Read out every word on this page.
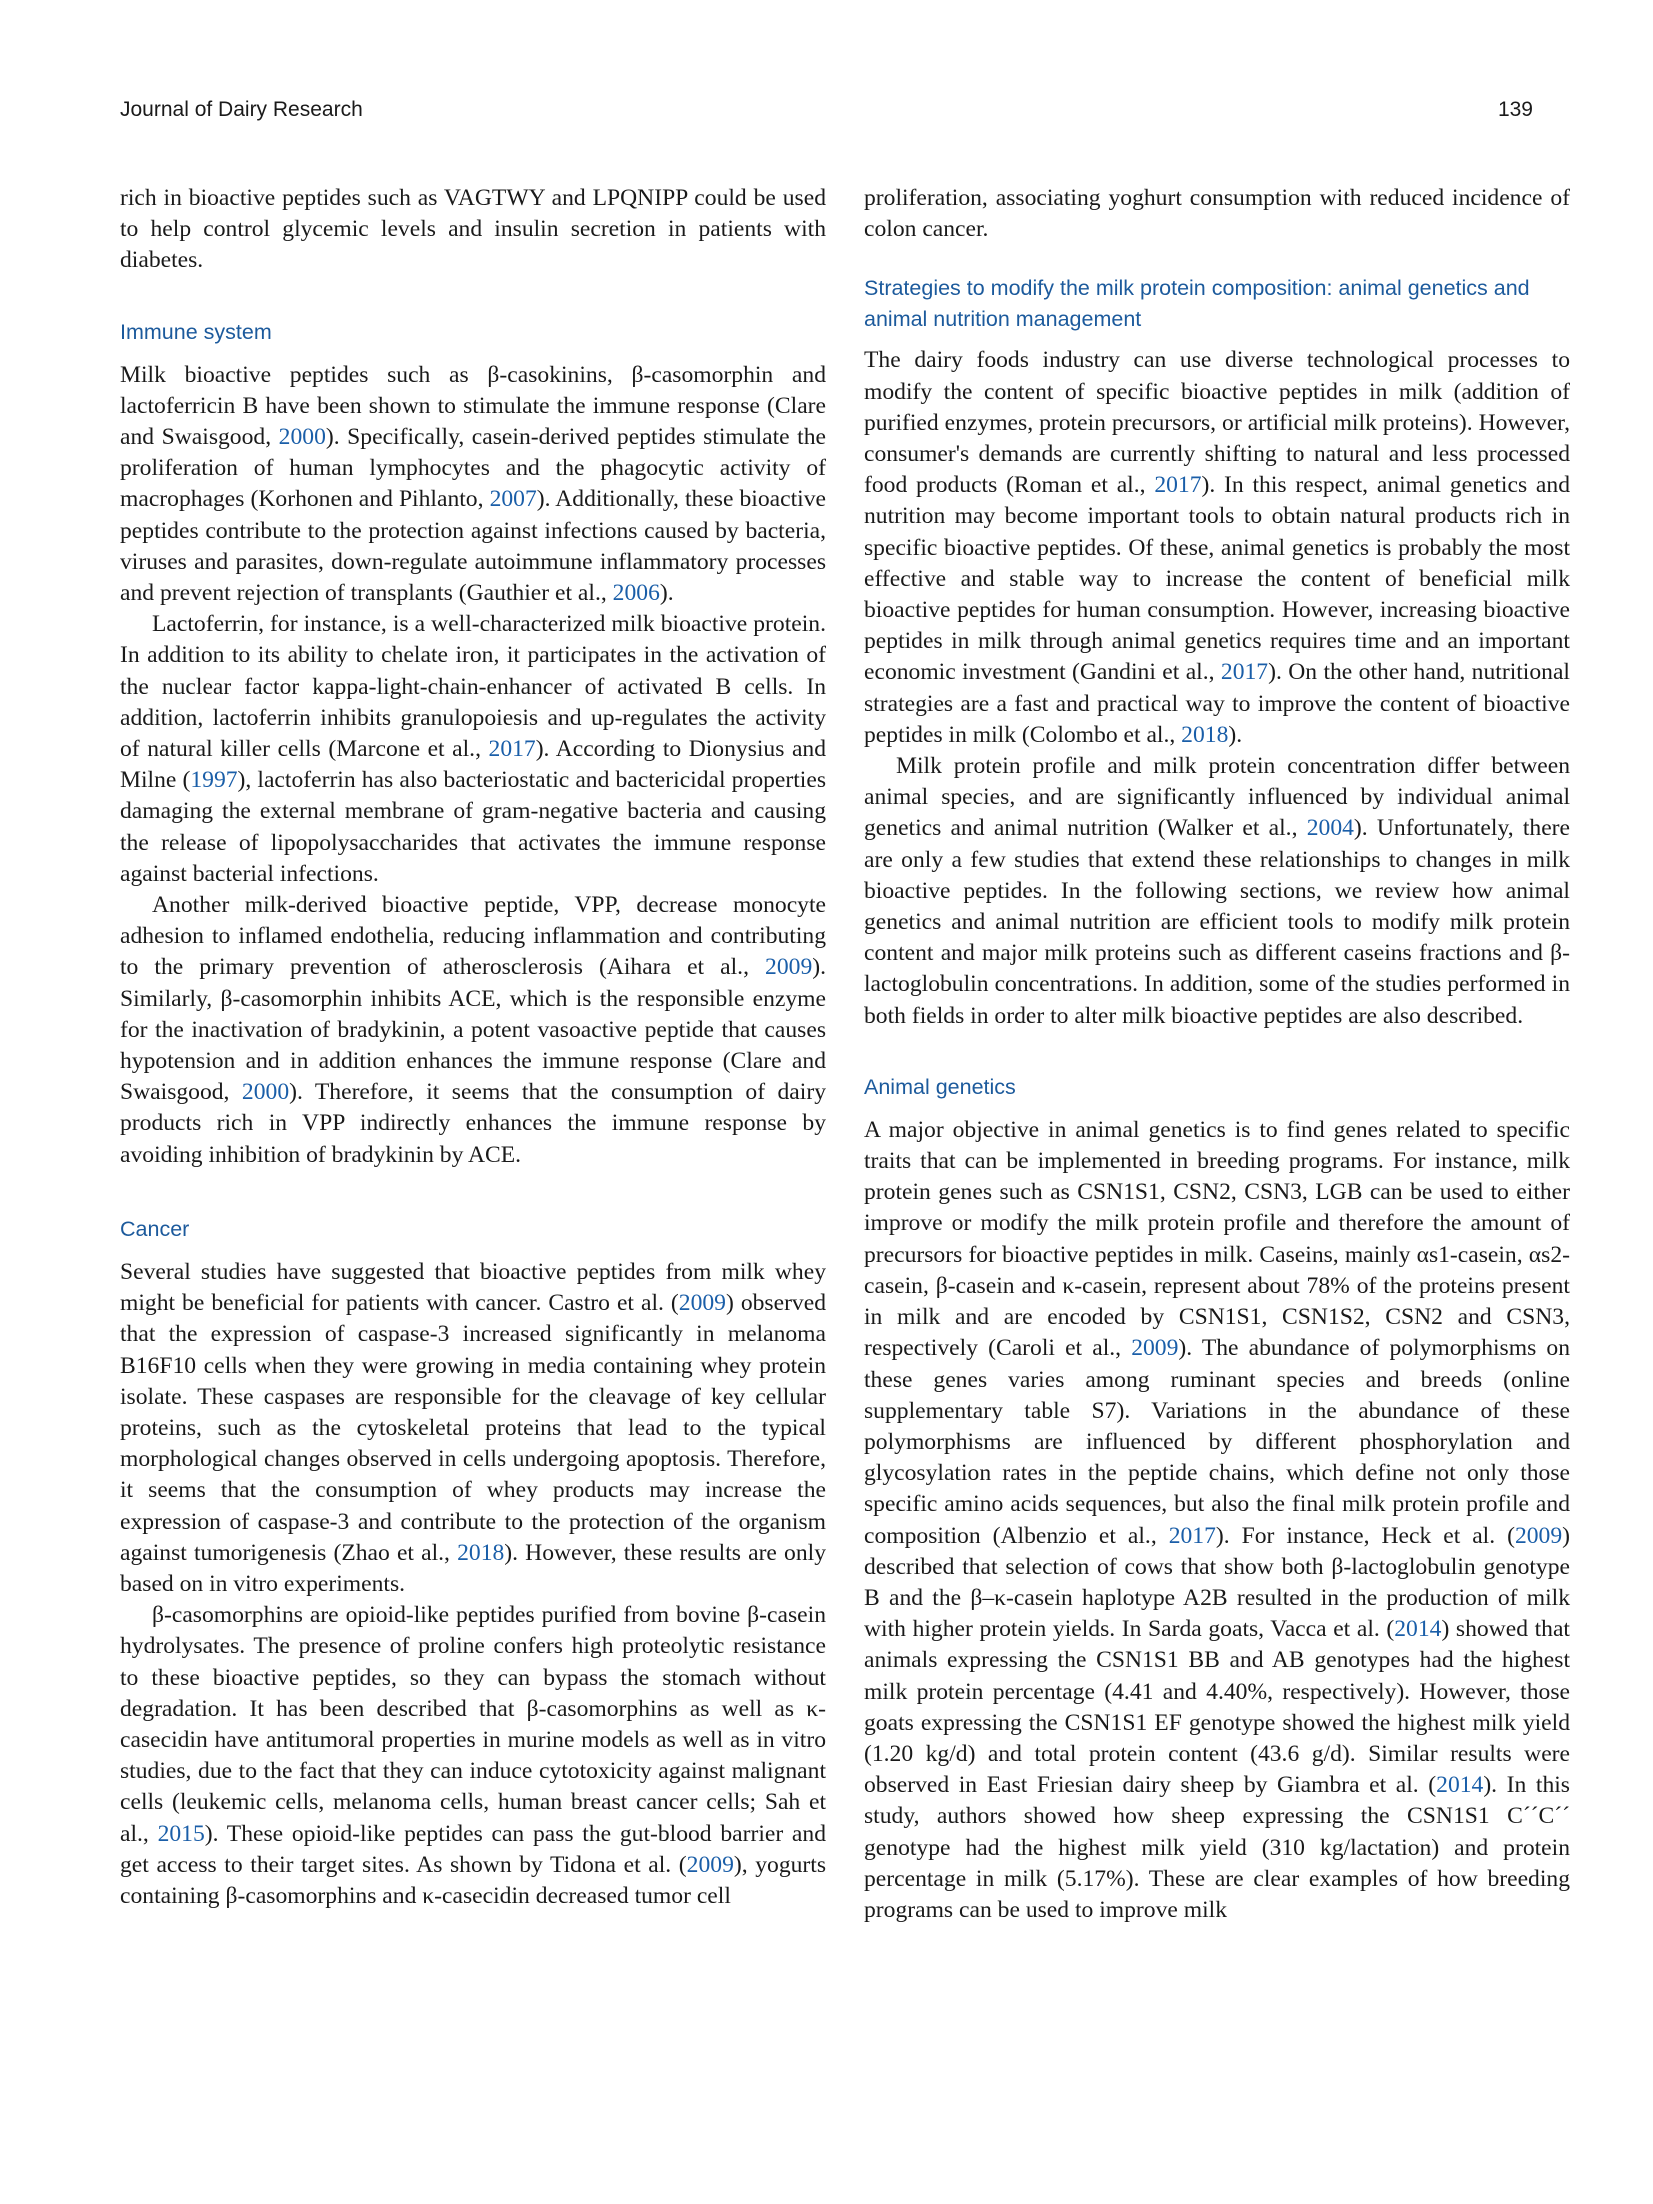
Journal of Dairy Research	139

rich in bioactive peptides such as VAGTWY and LPQNIPP could be used to help control glycemic levels and insulin secretion in patients with diabetes.

Immune system

Milk bioactive peptides such as β-casokinins, β-casomorphin and lactoferricin B have been shown to stimulate the immune response (Clare and Swaisgood, 2000). Specifically, casein-derived peptides stimulate the proliferation of human lymphocytes and the phagocytic activity of macrophages (Korhonen and Pihlanto, 2007). Additionally, these bioactive peptides contribute to the protection against infections caused by bacteria, viruses and parasites, down-regulate autoimmune inflammatory processes and prevent rejection of transplants (Gauthier et al., 2006).

Lactoferrin, for instance, is a well-characterized milk bioactive protein. In addition to its ability to chelate iron, it participates in the activation of the nuclear factor kappa-light-chain-enhancer of activated B cells. In addition, lactoferrin inhibits granulopoiesis and up-regulates the activity of natural killer cells (Marcone et al., 2017). According to Dionysius and Milne (1997), lactoferrin has also bacteriostatic and bactericidal properties damaging the external membrane of gram-negative bacteria and causing the release of lipopolysaccharides that activates the immune response against bacterial infections.

Another milk-derived bioactive peptide, VPP, decrease monocyte adhesion to inflamed endothelia, reducing inflammation and contributing to the primary prevention of atherosclerosis (Aihara et al., 2009). Similarly, β-casomorphin inhibits ACE, which is the responsible enzyme for the inactivation of bradykinin, a potent vasoactive peptide that causes hypotension and in addition enhances the immune response (Clare and Swaisgood, 2000). Therefore, it seems that the consumption of dairy products rich in VPP indirectly enhances the immune response by avoiding inhibition of bradykinin by ACE.

Cancer

Several studies have suggested that bioactive peptides from milk whey might be beneficial for patients with cancer. Castro et al. (2009) observed that the expression of caspase-3 increased significantly in melanoma B16F10 cells when they were growing in media containing whey protein isolate. These caspases are responsible for the cleavage of key cellular proteins, such as the cytoskeletal proteins that lead to the typical morphological changes observed in cells undergoing apoptosis. Therefore, it seems that the consumption of whey products may increase the expression of caspase-3 and contribute to the protection of the organism against tumorigenesis (Zhao et al., 2018). However, these results are only based on in vitro experiments.

β-casomorphins are opioid-like peptides purified from bovine β-casein hydrolysates. The presence of proline confers high proteolytic resistance to these bioactive peptides, so they can bypass the stomach without degradation. It has been described that β-casomorphins as well as κ-casecidin have antitumoral properties in murine models as well as in vitro studies, due to the fact that they can induce cytotoxicity against malignant cells (leukemic cells, melanoma cells, human breast cancer cells; Sah et al., 2015). These opioid-like peptides can pass the gut-blood barrier and get access to their target sites. As shown by Tidona et al. (2009), yogurts containing β-casomorphins and κ-casecidin decreased tumor cell

proliferation, associating yoghurt consumption with reduced incidence of colon cancer.

Strategies to modify the milk protein composition: animal genetics and animal nutrition management

The dairy foods industry can use diverse technological processes to modify the content of specific bioactive peptides in milk (addition of purified enzymes, protein precursors, or artificial milk proteins). However, consumer's demands are currently shifting to natural and less processed food products (Roman et al., 2017). In this respect, animal genetics and nutrition may become important tools to obtain natural products rich in specific bioactive peptides. Of these, animal genetics is probably the most effective and stable way to increase the content of beneficial milk bioactive peptides for human consumption. However, increasing bioactive peptides in milk through animal genetics requires time and an important economic investment (Gandini et al., 2017). On the other hand, nutritional strategies are a fast and practical way to improve the content of bioactive peptides in milk (Colombo et al., 2018).

Milk protein profile and milk protein concentration differ between animal species, and are significantly influenced by individual animal genetics and animal nutrition (Walker et al., 2004). Unfortunately, there are only a few studies that extend these relationships to changes in milk bioactive peptides. In the following sections, we review how animal genetics and animal nutrition are efficient tools to modify milk protein content and major milk proteins such as different caseins fractions and β-lactoglobulin concentrations. In addition, some of the studies performed in both fields in order to alter milk bioactive peptides are also described.

Animal genetics

A major objective in animal genetics is to find genes related to specific traits that can be implemented in breeding programs. For instance, milk protein genes such as CSN1S1, CSN2, CSN3, LGB can be used to either improve or modify the milk protein profile and therefore the amount of precursors for bioactive peptides in milk. Caseins, mainly αs1-casein, αs2-casein, β-casein and κ-casein, represent about 78% of the proteins present in milk and are encoded by CSN1S1, CSN1S2, CSN2 and CSN3, respectively (Caroli et al., 2009). The abundance of polymorphisms on these genes varies among ruminant species and breeds (online supplementary table S7). Variations in the abundance of these polymorphisms are influenced by different phosphorylation and glycosylation rates in the peptide chains, which define not only those specific amino acids sequences, but also the final milk protein profile and composition (Albenzio et al., 2017). For instance, Heck et al. (2009) described that selection of cows that show both β-lactoglobulin genotype B and the β–κ-casein haplotype A2B resulted in the production of milk with higher protein yields. In Sarda goats, Vacca et al. (2014) showed that animals expressing the CSN1S1 BB and AB genotypes had the highest milk protein percentage (4.41 and 4.40%, respectively). However, those goats expressing the CSN1S1 EF genotype showed the highest milk yield (1.20 kg/d) and total protein content (43.6 g/d). Similar results were observed in East Friesian dairy sheep by Giambra et al. (2014). In this study, authors showed how sheep expressing the CSN1S1 C´´C´´ genotype had the highest milk yield (310 kg/lactation) and protein percentage in milk (5.17%). These are clear examples of how breeding programs can be used to improve milk
